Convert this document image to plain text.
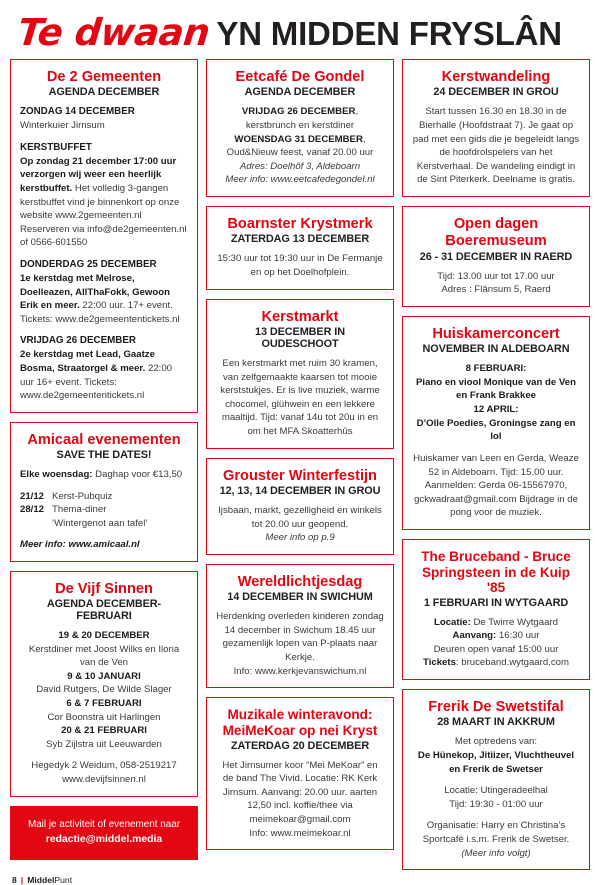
Te dwaan YN MIDDEN FRYSLÂN
De 2 Gemeenten
AGENDA DECEMBER

ZONDAG 14 DECEMBER

Winterkuier Jirnsum

KERSTBUFFET

Op zondag 21 december 17:00 uur verzorgen wij weer een heerlijk kerstbuffet. Het volledig 3-gangen kerstbuffet vind je binnenkort op onze website www.2gemeenten.nl Reserveren via info@de2gemeenten.nl of 0566-601550

DONDERDAG 25 DECEMBER

1e kerstdag met Melrose, Doelleazen, AllThaFokk, Gewoon Erik en meer. 22:00 uur. 17+ event. Tickets: www.de2gemeententickets.nl

VRIJDAG 26 DECEMBER

2e kerstdag met Lead, Gaatze Bosma, Straatorgel & meer. 22:00 uur 16+ event. Tickets: www.de2gemeententickets.nl

Amicaal evenementen
SAVE THE DATES!

Elke woensdag: Daghap voor €13,50

21/12 Kerst-Pubquiz
28/12 Thema-diner
‘Wintergenot aan tafel’

Meer info: www.amicaal.nl

De Vijf Sinnen
AGENDA DECEMBER-FEBRUARI

19 & 20 DECEMBER

Kerstdiner met Joost Wilks en Ilona van de Ven

9 & 10 JANUARI

David Rutgers, De Wilde Slager

6 & 7 FEBRUARI

Cor Boonstra uit Harlingen

20 & 21 FEBRUARI

Syb Zijlstra uit Leeuwarden

Hegedyk 2 Weidum, 058-2519217

www.devijfsinnen.nl

Mail je activiteit of evenement naar
redactie@middel.media
8 | MiddelPunt
Eetcafé De Gondel
AGENDA DECEMBER

VRIJDAG 26 DECEMBER,

kerstbrunch en kerstdiner

WOENSDAG 31 DECEMBER,

Oud&Nieuw feest, vanaf 20.00 uur

Adres: Doelhôf 3, Aldeboarn

Meer info: www.eetcafedegondel.nl

Boarnster Krystmerk
ZATERDAG 13 DECEMBER
15:30 uur tot 19:30 uur in De Fermanje en op het Doelhofplein.
Kerstmarkt
13 DECEMBER IN OUDESCHOOT
Een kerstmarkt met ruim 30 kramen, van zelfgemaakte kaarsen tot mooie kerststukjes. Er is live muziek, warme chocomel, glühwein en een lekkere maaltijd. Tijd: vanaf 14u tot 20u in en om het MFA Skoatterhûs
Grouster Winterfestijn
12, 13, 14 DECEMBER IN GROU

Ijsbaan, markt, gezelligheid en winkels tot 20.00 uur geopend.

Meer info op p.9

Wereldlichtjesdag
14 DECEMBER IN SWICHUM

Herdenking overleden kinderen zondag 14 december in Swichum 18.45 uur gezamenlijk lopen van P-plaats naar Kerkje.

Info: www.kerkjevanswichum.nl

Muzikale winteravond:
MeiMeKoar op nei Kryst
ZATERDAG 20 DECEMBER

Het Jirnsumer koor “Mei MeKoar” en de band The Vivid. Locatie: RK Kerk Jirnsum. Aanvang: 20.00 uur. aarten 12,50 incl. koffie/thee via meimekoar@gmail.com

Info: www.meimekoar.nl

Kerstwandeling
24 DECEMBER IN GROU
Start tussen 16.30 en 18.30 in de Bierhalle (Hoofdstraat 7). Je gaat op pad met een gids die je begeleidt langs de hoofdrolspelers van het Kerstverhaal. De wandeling eindigt in de Sint Piterkerk. Deelname is gratis.
Open dagen
Boeremuseum
26 - 31 DECEMBER IN RAERD

Tijd: 13.00 uur tot 17.00 uur

Adres : Flânsum 5, Raerd

Huiskamerconcert
NOVEMBER IN ALDEBOARN

8 FEBRUARI:

Piano en viool Monique van de Ven en Frank Brakkee

12 APRIL:

D’Olle Poedies, Groningse zang en lol

Huiskamer van Leen en Gerda, Weaze 52 in Aldeboarn. Tijd: 15.00 uur. Aanmelden: Gerda 06-15567970, gckwadraat@gmail.com Bijdrage in de pong voor de muziek.

The Bruceband - Bruce
Springsteen in de Kuip '85
1 FEBRUARI IN WYTGAARD

Locatie: De Twirre Wytgaard

Aanvang: 16:30 uur

Deuren open vanaf 15:00 uur

Tickets: bruceband.wytgaard.com

Frerik De Swetstifal
28 MAART IN AKKRUM

Met optredens van:

De Hünekop, Jitiizer, Vluchtheuvel en Frerik de Swetser

Locatie: Utingeradeelhal

Tijd: 19:30 - 01:00 uur

Organisatie: Harry en Christina’s Sportcafé i.s.m. Frerik de Swetser.

(Meer info volgt)
